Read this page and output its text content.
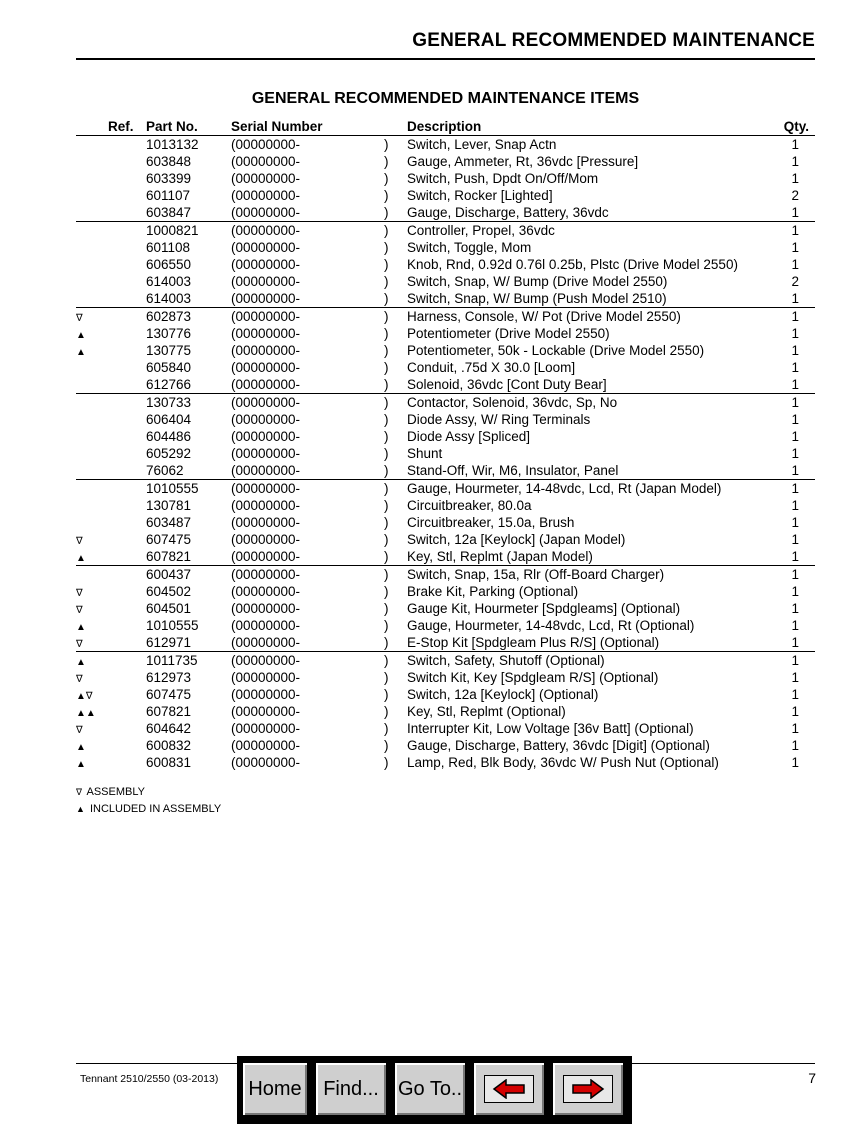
GENERAL RECOMMENDED MAINTENANCE
GENERAL RECOMMENDED MAINTENANCE ITEMS
Ref. Part No. Serial Number	Description	Qty.
1013132 (00000000-	) Switch, Lever, Snap Actn	1
603848	(00000000-	) Gauge, Ammeter, Rt, 36vdc [Pressure]	1
603399	(00000000-	) Switch, Push, Dpdt On/Off/Mom	1
601107	(00000000-	) Switch, Rocker [Lighted]	2
603847	(00000000-	) Gauge, Discharge, Battery, 36vdc	1
1000821 (00000000-	) Controller, Propel, 36vdc	1
601108	(00000000-	) Switch, Toggle, Mom	1
606550	(00000000-	) Knob, Rnd, 0.92d 0.76l 0.25b, Plstc (Drive Model 2550)	1
614003	(00000000-	) Switch, Snap, W/ Bump (Drive Model 2550)	2
614003	(00000000-	) Switch, Snap, W/ Bump (Push Model 2510)	1
∇	602873	(00000000-	) Harness, Console, W/ Pot (Drive Model 2550)	1
▲	130776	(00000000-	) Potentiometer (Drive Model 2550)	1
▲	130775	(00000000-	) Potentiometer, 50k - Lockable (Drive Model 2550)	1
605840	(00000000-	) Conduit, .75d X 30.0 [Loom]	1
612766	(00000000-	) Solenoid, 36vdc [Cont Duty Bear]	1
130733	(00000000-	) Contactor, Solenoid, 36vdc, Sp, No	1
606404	(00000000-	) Diode Assy, W/ Ring Terminals	1
604486	(00000000-	) Diode Assy [Spliced]	1
605292	(00000000-	) Shunt	1
76062	(00000000-	) Stand-Off, Wir, M6, Insulator, Panel	1
1010555 (00000000-	) Gauge, Hourmeter, 14-48vdc, Lcd, Rt (Japan Model)	1
130781	(00000000-	) Circuitbreaker, 80.0a	1
603487	(00000000-	) Circuitbreaker, 15.0a, Brush	1
∇	607475	(00000000-	) Switch, 12a [Keylock] (Japan Model)	1
▲	607821	(00000000-	) Key, Stl, Replmt (Japan Model)	1
600437	(00000000-	) Switch, Snap, 15a, Rlr (Off-Board Charger)	1
∇	604502	(00000000-	) Brake Kit, Parking (Optional)	1
∇	604501	(00000000-	) Gauge Kit, Hourmeter [Spdgleams] (Optional)	1
▲	1010555 (00000000-	) Gauge, Hourmeter, 14-48vdc, Lcd, Rt (Optional)	1
∇	612971	(00000000-	) E-Stop Kit [Spdgleam Plus R/S] (Optional)	1
▲	1011735 (00000000-	) Switch, Safety, Shutoff (Optional)	1
∇	612973	(00000000-	) Switch Kit, Key [Spdgleam R/S] (Optional)	1
▲∇	607475	(00000000-	) Switch, 12a [Keylock] (Optional)	1
▲▲	607821	(00000000-	) Key, Stl, Replmt (Optional)	1
∇	604642	(00000000-	) Interrupter Kit, Low Voltage [36v Batt] (Optional)	1
▲	600832	(00000000-	) Gauge, Discharge, Battery, 36vdc [Digit] (Optional)	1
▲	600831	(00000000-	) Lamp, Red, Blk Body, 36vdc W/ Push Nut (Optional)	1
∇ ASSEMBLY
▲ INCLUDED IN ASSEMBLY
Tennant 2510/2550 (03-2013)	7
Home	Find... Go To..
